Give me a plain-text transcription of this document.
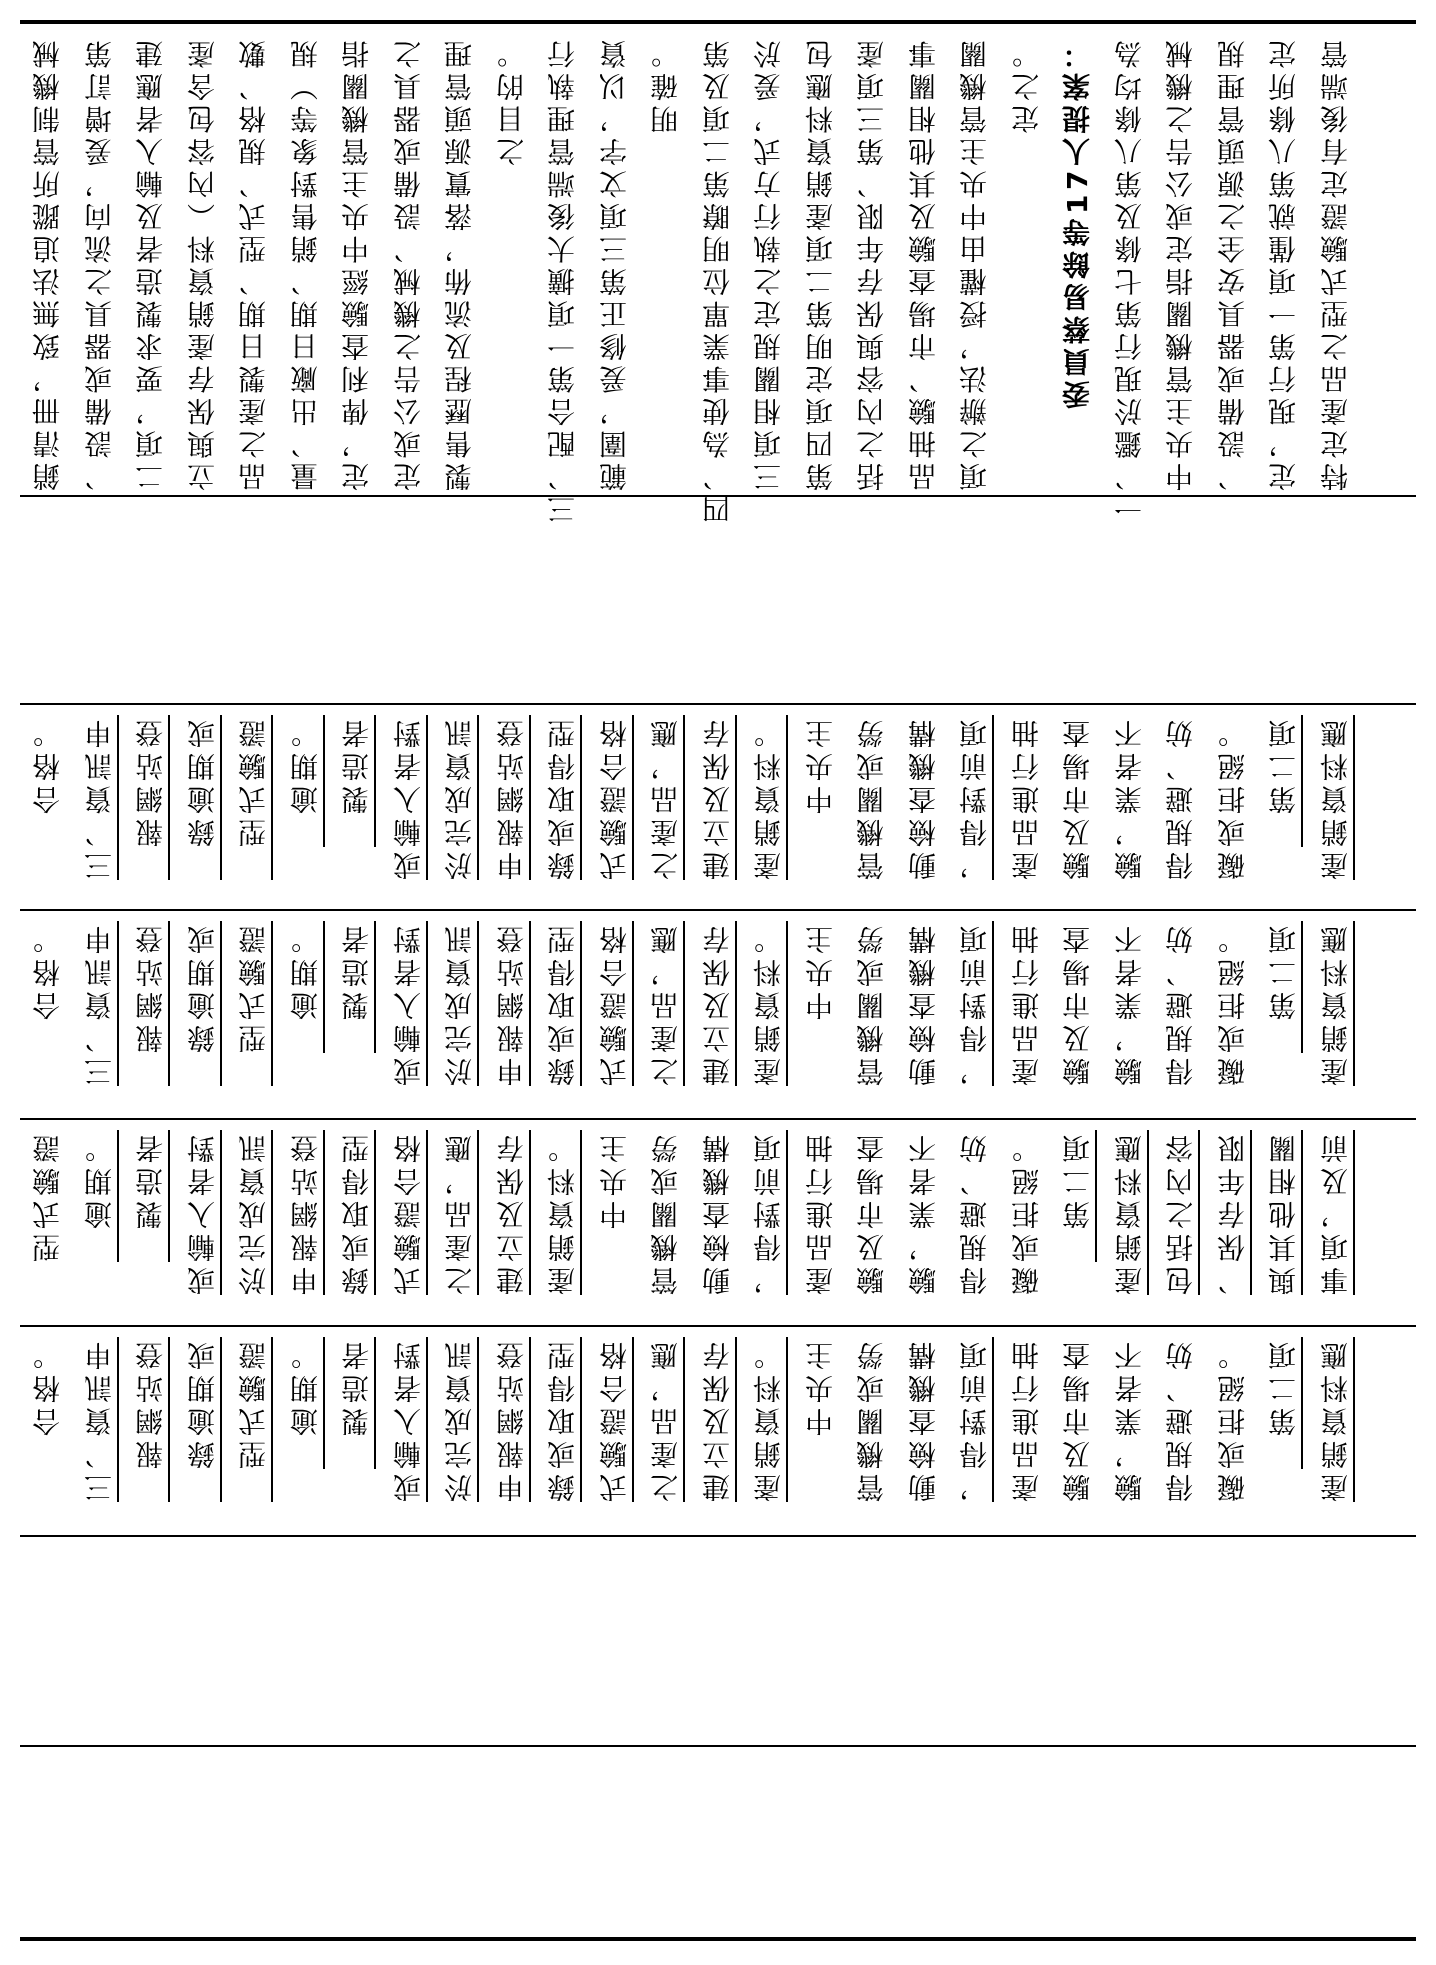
銷清冊，致無法追蹤所管制機械 、設備或器具之流向，爰增訂第 二項，要求製造者及輸入者應建 立與保存產銷資料（內容包含產 品之產製日期、型式、規格、數 量、出廠日期、銷售對象等）規 定，俾利查驗經中央主管機關指 定或公告之機械、設備或器具之 製售歷程及流佈，落實源頭管理 之目的。 三、配合第一項擴大後端管理執行 範圍，爰修正第三項文字，以資 明確。 四、為使事業單位明瞭第二項及第 三項相關規定之執行方式，爰於 第四項定明第二項產銷資料應包 括之內容與保存年限、第三項產 品抽驗、市場查驗及其他相關事 項之辦法，授權由中央主管機關 定之。 委員蔡易餘等17人提案： 一、鑑於現行第七條及第八條均為 中央主管機關指定或公告之機械 、設備或器具安全之源頭管理規 定，現行第一項僅就第八條所定 特定產品之型式驗證定有後端管
合格。 三、資訊申 　報網站登 　錄逾期或 　型式驗證 　逾期。 　製造者 或輸入者對 於完成資訊 申報網站登 錄或取得型 式驗證合格 之產品，應 建立及保存 產銷資料。 　中央主 管機關或勞 動檢查機構 ，得對前項 產品進行抽 驗及市場查 驗，業者不 得規避、妨 礙或拒絕。 　第二項 產銷資料應
合格。 三、資訊申 　報網站登 　錄逾期或 　型式驗證 　逾期。 　製造者 或輸入者對 於完成資訊 申報網站登 錄或取得型 式驗證合格 之產品，應 建立及保存 產銷資料。 　中央主 管機關或勞 動檢查機構 ，得對前項 產品進行抽 驗及市場查 驗，業者不 得規避、妨 礙或拒絕。 　第二項 產銷資料應
　型式驗證 　逾期。 　製造者 或輸入者對 於完成資訊 申報網站登 錄或取得型 式驗證合格 之產品，應 建立及保存 產銷資料。 　中央主 管機關或勞 動檢查機構 ，得對前項 產品進行抽 驗及市場查 驗，業者不 得規避、妨 礙或拒絕。 　第二項 產銷資料應 包括之內容 、保存年限 與其他相關 事項，及前
合格。 三、資訊申 　報網站登 　錄逾期或 　型式驗證 　逾期。 　製造者 或輸入者對 於完成資訊 申報網站登 錄或取得型 式驗證合格 之產品，應 建立及保存 產銷資料。 　中央主 管機關或勞 動檢查機構 ，得對前項 產品進行抽 驗及市場查 驗，業者不 得規避、妨 礙或拒絕。 　第二項 產銷資料應
